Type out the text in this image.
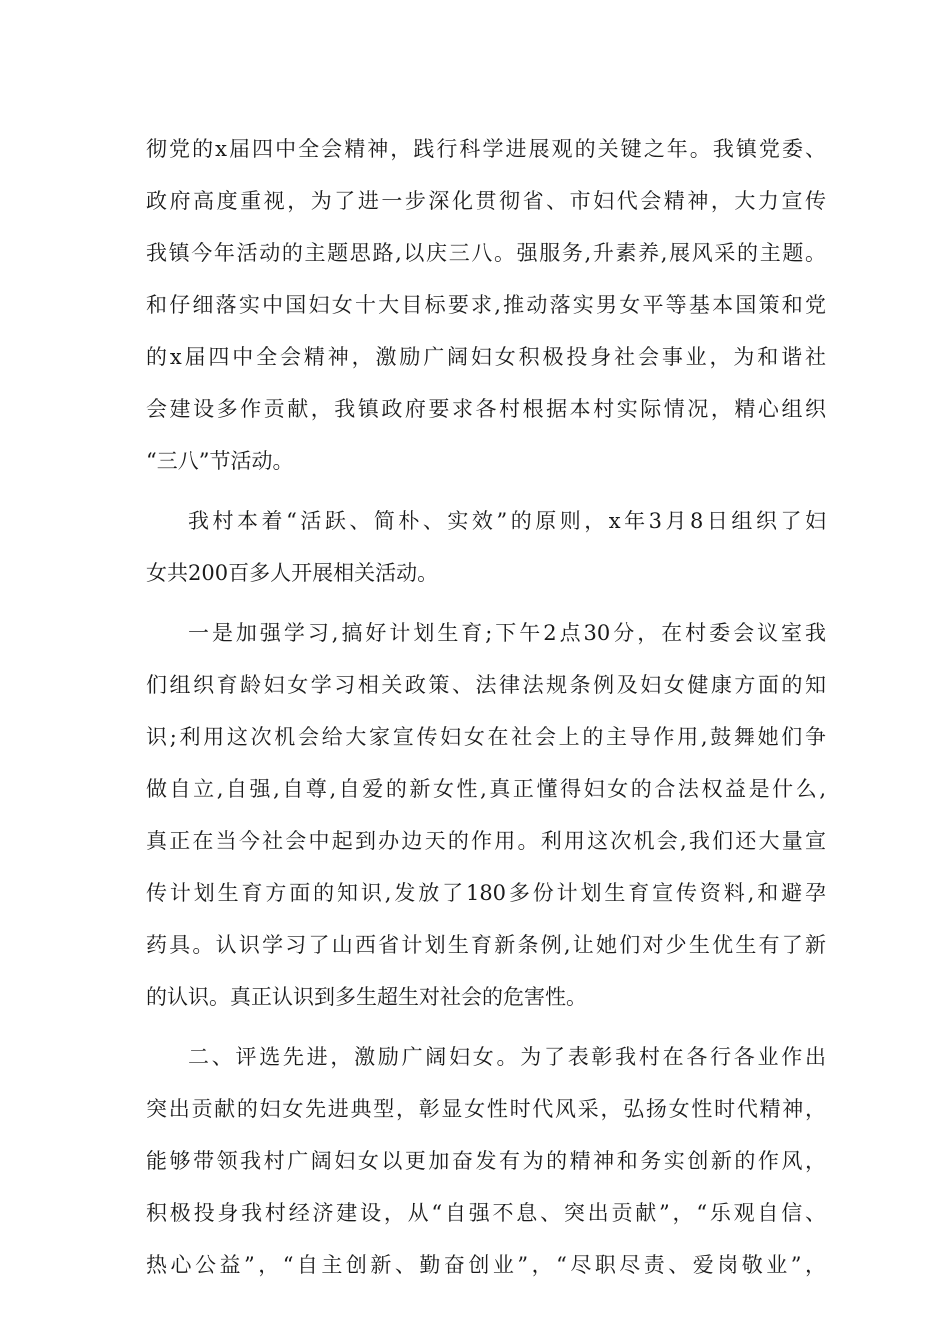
彻党的x届四中全会精神，践行科学进展观的关键之年。我镇党委、
政府高度重视，为了进一步深化贯彻省、市妇代会精神，大力宣传
我镇今年活动的主题思路,以庆三八。强服务,升素养,展风采的主题。
和仔细落实中国妇女十大目标要求,推动落实男女平等基本国策和党
的x届四中全会精神，激励广阔妇女积极投身社会事业，为和谐社
会建设多作贡献，我镇政府要求各村根据本村实际情况，精心组织
“三八”节活动。
我村本着“活跃、简朴、实效”的原则，x年3月8日组织了妇
女共200百多人开展相关活动。
一是加强学习,搞好计划生育;下午2点30分，在村委会议室我
们组织育龄妇女学习相关政策、法律法规条例及妇女健康方面的知
识;利用这次机会给大家宣传妇女在社会上的主导作用,鼓舞她们争
做自立,自强,自尊,自爱的新女性,真正懂得妇女的合法权益是什么,
真正在当今社会中起到办边天的作用。利用这次机会,我们还大量宣
传计划生育方面的知识,发放了180多份计划生育宣传资料,和避孕
药具。认识学习了山西省计划生育新条例,让她们对少生优生有了新
的认识。真正认识到多生超生对社会的危害性。
二、评选先进，激励广阔妇女。为了表彰我村在各行各业作出
突出贡献的妇女先进典型，彰显女性时代风采，弘扬女性时代精神，
能够带领我村广阔妇女以更加奋发有为的精神和务实创新的作风，
积极投身我村经济建设，从“自强不息、突出贡献”，“乐观自信、
热心公益”，“自主创新、勤奋创业”，“尽职尽责、爱岗敬业”，
